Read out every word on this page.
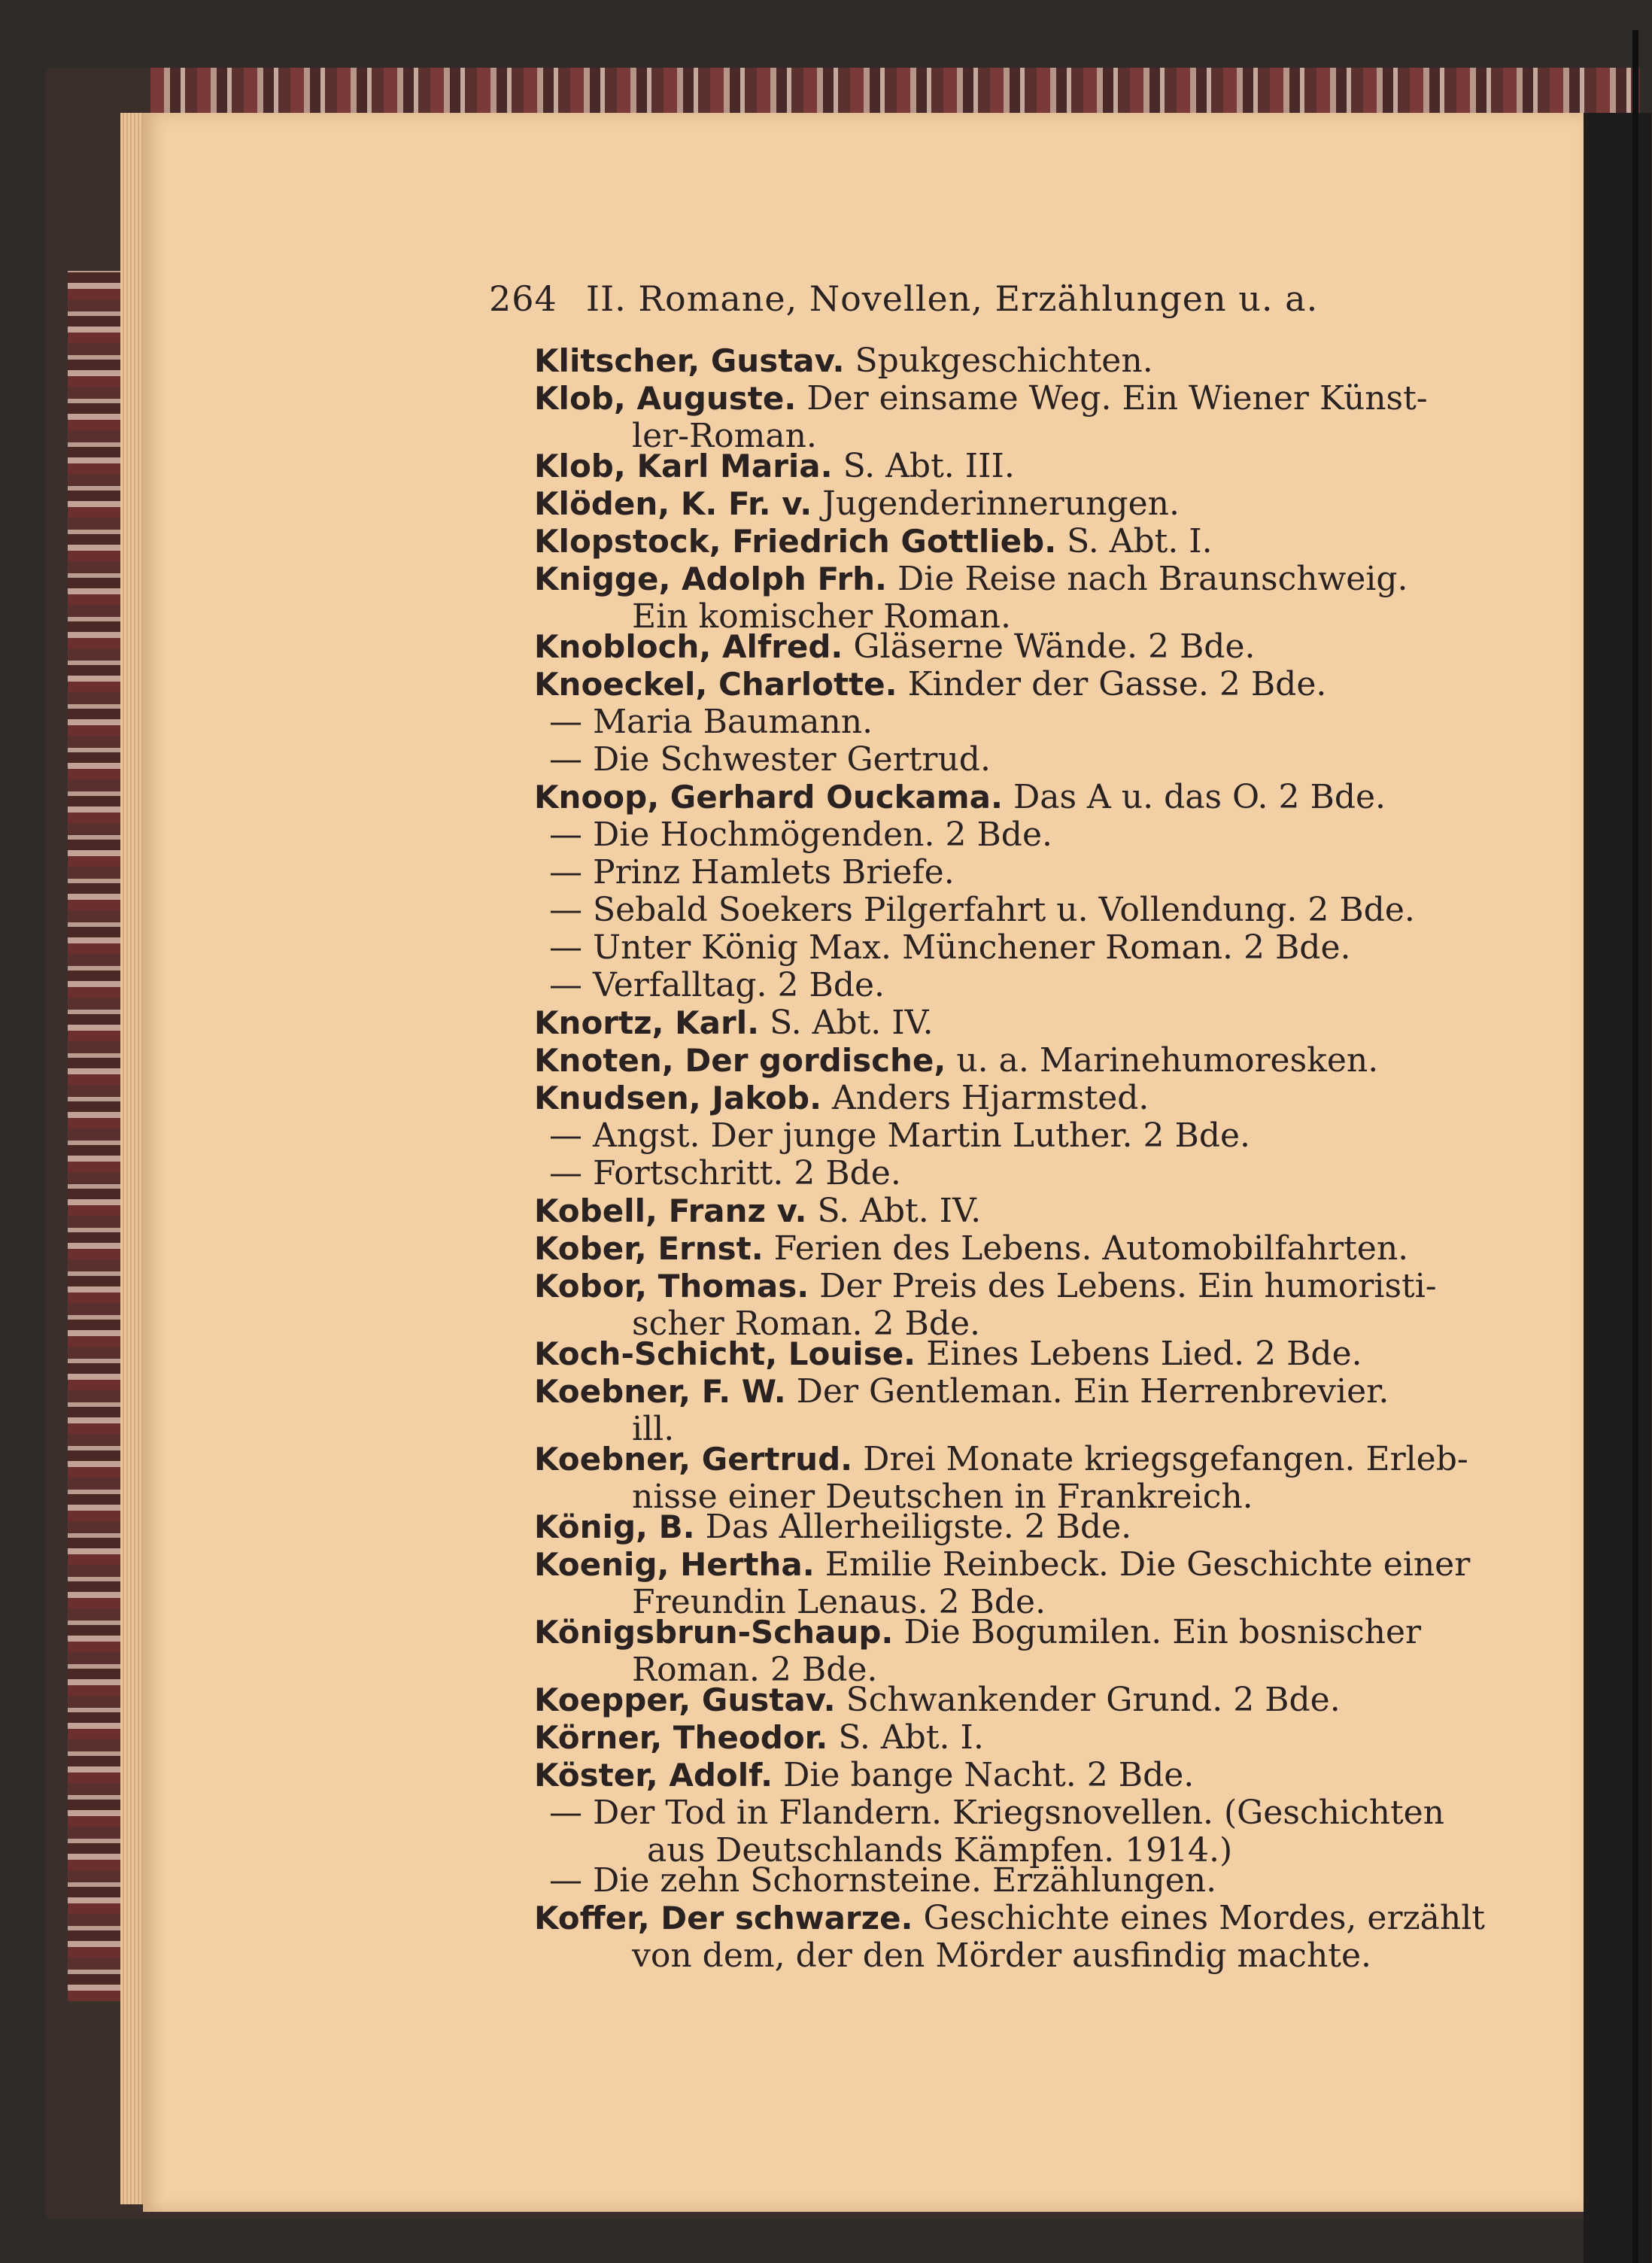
264 II. Romane, Novellen, Erzählungen u. a.
Klitscher, Gustav. Spukgeschichten.
Klob, Auguste. Der einsame Weg. Ein Wiener Künst-
ler-Roman.
Klob, Karl Maria. S. Abt. III.
Klöden, K. Fr. v. Jugenderinnerungen.
Klopstock, Friedrich Gottlieb. S. Abt. I.
Knigge, Adolph Frh. Die Reise nach Braunschweig.
Ein komischer Roman.
Knobloch, Alfred. Gläserne Wände. 2 Bde.
Knoeckel, Charlotte. Kinder der Gasse. 2 Bde.
— Maria Baumann.
— Die Schwester Gertrud.
Knoop, Gerhard Ouckama. Das A u. das O. 2 Bde.
— Die Hochmögenden. 2 Bde.
— Prinz Hamlets Briefe.
— Sebald Soekers Pilgerfahrt u. Vollendung. 2 Bde.
— Unter König Max. Münchener Roman. 2 Bde.
— Verfalltag. 2 Bde.
Knortz, Karl. S. Abt. IV.
Knoten, Der gordische, u. a. Marinehumoresken.
Knudsen, Jakob. Anders Hjarmsted.
— Angst. Der junge Martin Luther. 2 Bde.
— Fortschritt. 2 Bde.
Kobell, Franz v. S. Abt. IV.
Kober, Ernst. Ferien des Lebens. Automobilfahrten.
Kobor, Thomas. Der Preis des Lebens. Ein humoristi-
scher Roman. 2 Bde.
Koch-Schicht, Louise. Eines Lebens Lied. 2 Bde.
Koebner, F. W. Der Gentleman. Ein Herrenbrevier.
ill.
Koebner, Gertrud. Drei Monate kriegsgefangen. Erleb-
nisse einer Deutschen in Frankreich.
König, B. Das Allerheiligste. 2 Bde.
Koenig, Hertha. Emilie Reinbeck. Die Geschichte einer
Freundin Lenaus. 2 Bde.
Königsbrun-Schaup. Die Bogumilen. Ein bosnischer
Roman. 2 Bde.
Koepper, Gustav. Schwankender Grund. 2 Bde.
Körner, Theodor. S. Abt. I.
Köster, Adolf. Die bange Nacht. 2 Bde.
— Der Tod in Flandern. Kriegsnovellen. (Geschichten
aus Deutschlands Kämpfen. 1914.)
— Die zehn Schornsteine. Erzählungen.
Koffer, Der schwarze. Geschichte eines Mordes, erzählt
von dem, der den Mörder ausfindig machte.
